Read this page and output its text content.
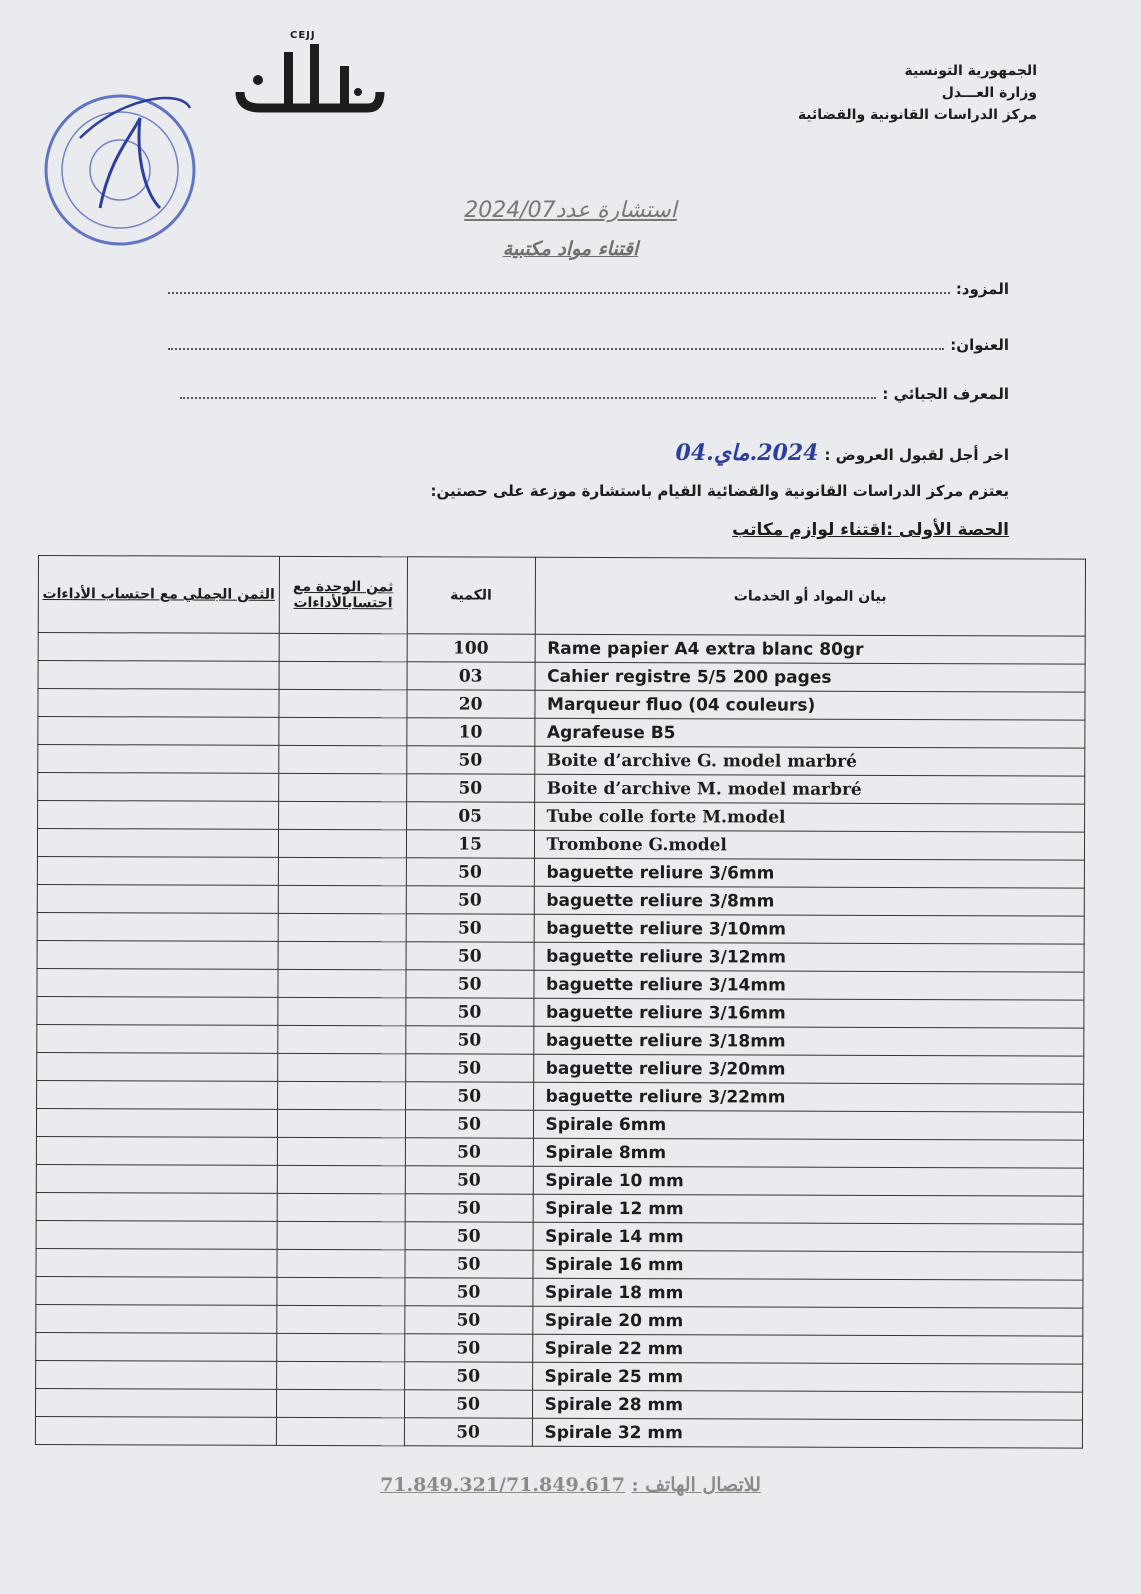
الجمهورية التونسية
وزارة العـــدل
مركز الدراسات القانونية والقضائية
CEJJ
استشارة عدد2024/07
اقتناء مواد مكتبية
المزود:
العنوان:
المعرف الجبائي :
اخر أجل لقبول العروض :
2024.ماي.04
يعتزم مركز الدراسات القانونية والقضائية القيام باستشارة موزعة على حصتين:
الحصة الأولى :اقتناء لوازم مكاتب
الثمن الجملي مع احتساب الأداءات	ثمن الوحدة مع احتسابالأداءات	الكمية	بيان المواد أو الخدمات
		100	Rame papier A4 extra blanc 80gr
		03	Cahier registre 5/5 200 pages
		20	Marqueur fluo (04 couleurs)
		10	Agrafeuse B5
		50	Boite d’archive G. model marbré
		50	Boite d’archive M. model marbré
		05	Tube colle forte M.model
		15	Trombone G.model
		50	baguette reliure 3/6mm
		50	baguette reliure 3/8mm
		50	baguette reliure 3/10mm
		50	baguette reliure 3/12mm
		50	baguette reliure 3/14mm
		50	baguette reliure 3/16mm
		50	baguette reliure 3/18mm
		50	baguette reliure 3/20mm
		50	baguette reliure 3/22mm
		50	Spirale 6mm
		50	Spirale 8mm
		50	Spirale 10 mm
		50	Spirale 12 mm
		50	Spirale 14 mm
		50	Spirale 16 mm
		50	Spirale 18 mm
		50	Spirale 20 mm
		50	Spirale 22 mm
		50	Spirale 25 mm
		50	Spirale 28 mm
		50	Spirale 32 mm
للاتصال الهاتف : 71.849.321/71.849.617
